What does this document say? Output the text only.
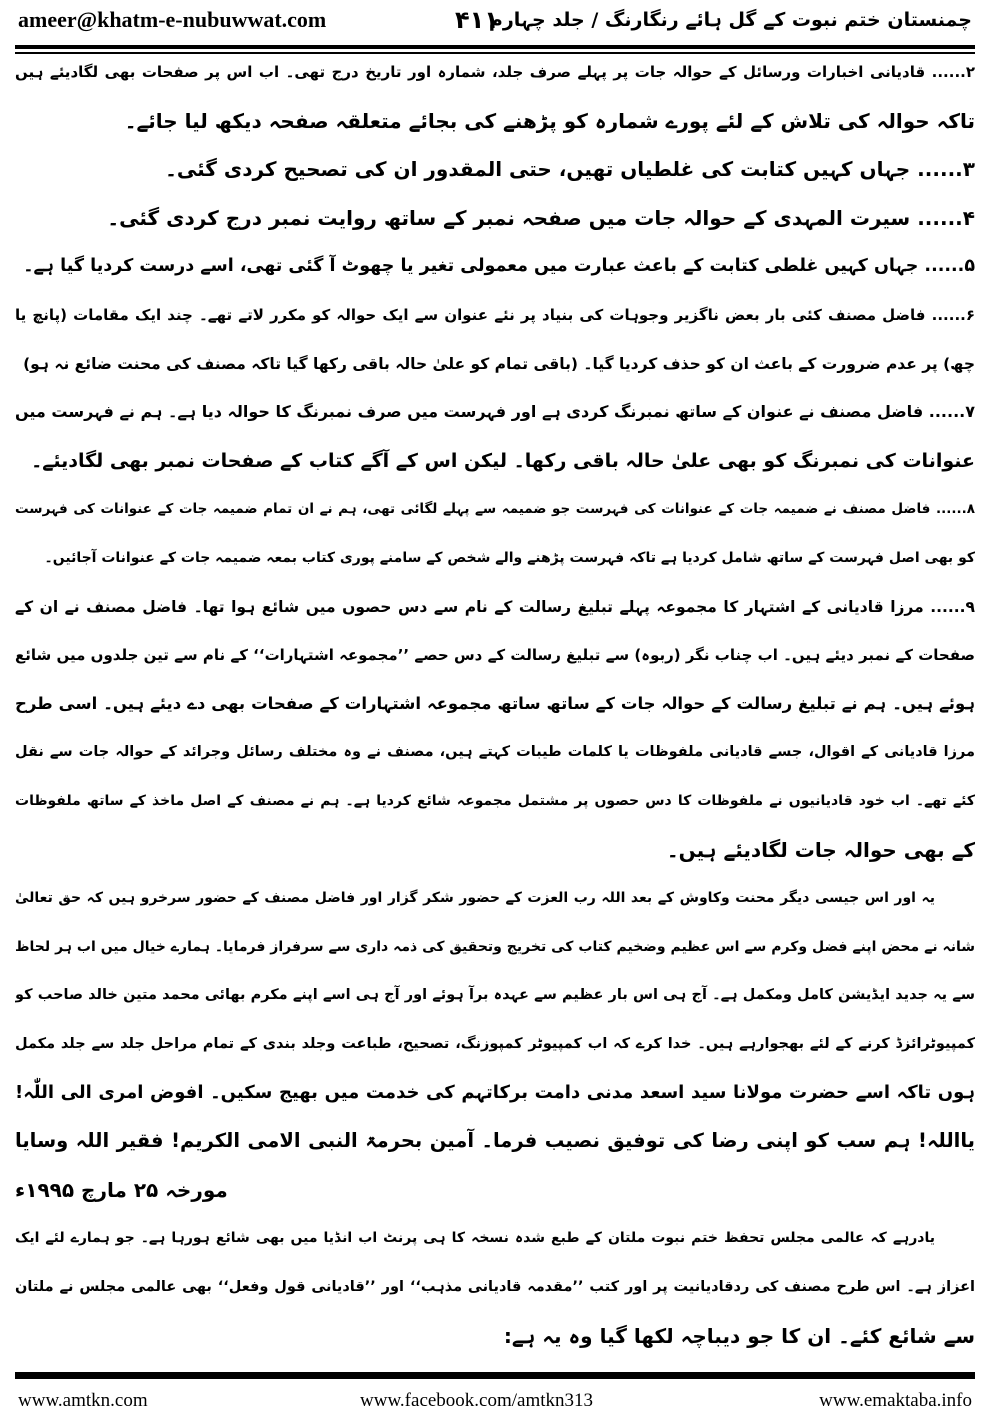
ameer@khatm-e-nubuwwat.com	۴۱۱
چمنستان ختم نبوت کے گل ہائے رنگارنگ / جلد چہارم
۲...... قادیانی اخبارات ورسائل کے حوالہ جات پر پہلے صرف جلد، شمارہ اور تاریخ درج تھی۔ اب اس پر صفحات بھی لگادیئے ہیں
تاکہ حوالہ کی تلاش کے لئے پورے شمارہ کو پڑھنے کی بجائے متعلقہ صفحہ دیکھ لیا جائے۔
۳...... جہاں کہیں کتابت کی غلطیاں تھیں، حتی المقدور ان کی تصحیح کردی گئی۔
۴...... سیرت المہدی کے حوالہ جات میں صفحہ نمبر کے ساتھ روایت نمبر درج کردی گئی۔
۵...... جہاں کہیں غلطی کتابت کے باعث عبارت میں معمولی تغیر یا چھوٹ آ گئی تھی، اسے درست کردیا گیا ہے۔
۶...... فاضل مصنف کئی بار بعض ناگزیر وجوہات کی بنیاد پر نئے عنوان سے ایک حوالہ کو مکرر لاتے تھے۔ چند ایک مقامات (پانچ یا
چھ) پر عدم ضرورت کے باعث ان کو حذف کردیا گیا۔ (باقی تمام کو علیٰ حالہ باقی رکھا گیا تاکہ مصنف کی محنت ضائع نہ ہو)
۷...... فاضل مصنف نے عنوان کے ساتھ نمبرنگ کردی ہے اور فہرست میں صرف نمبرنگ کا حوالہ دیا ہے۔ ہم نے فہرست میں
عنوانات کی نمبرنگ کو بھی علیٰ حالہ باقی رکھا۔ لیکن اس کے آگے کتاب کے صفحات نمبر بھی لگادیئے۔
۸...... فاضل مصنف نے ضمیمہ جات کے عنوانات کی فہرست جو ضمیمہ سے پہلے لگائی تھی، ہم نے ان تمام ضمیمہ جات کے عنوانات کی فہرست
کو بھی اصل فہرست کے ساتھ شامل کردیا ہے تاکہ فہرست پڑھنے والے شخص کے سامنے پوری کتاب بمعہ ضمیمہ جات کے عنوانات آجائیں۔
۹...... مرزا قادیانی کے اشتہار کا مجموعہ پہلے تبلیغ رسالت کے نام سے دس حصوں میں شائع ہوا تھا۔ فاضل مصنف نے ان کے
صفحات کے نمبر دیئے ہیں۔ اب چناب نگر (ربوہ) سے تبلیغ رسالت کے دس حصے ’’مجموعہ اشتہارات‘‘ کے نام سے تین جلدوں میں شائع
ہوئے ہیں۔ ہم نے تبلیغ رسالت کے حوالہ جات کے ساتھ ساتھ مجموعہ اشتہارات کے صفحات بھی دے دیئے ہیں۔ اسی طرح
مرزا قادیانی کے اقوال، جسے قادیانی ملفوظات یا کلمات طیبات کہتے ہیں، مصنف نے وہ مختلف رسائل وجرائد کے حوالہ جات سے نقل
کئے تھے۔ اب خود قادیانیوں نے ملفوظات کا دس حصوں پر مشتمل مجموعہ شائع کردیا ہے۔ ہم نے مصنف کے اصل ماخذ کے ساتھ ملفوظات
کے بھی حوالہ جات لگادیئے ہیں۔
یہ اور اس جیسی دیگر محنت وکاوش کے بعد اللہ رب العزت کے حضور شکر گزار اور فاضل مصنف کے حضور سرخرو ہیں کہ حق تعالیٰ
شانہ نے محض اپنے فضل وکرم سے اس عظیم وضخیم کتاب کی تخریج وتحقیق کی ذمہ داری سے سرفراز فرمایا۔ ہمارے خیال میں اب ہر لحاظ
سے یہ جدید ایڈیشن کامل ومکمل ہے۔ آج ہی اس بار عظیم سے عہدہ برآ ہوئے اور آج ہی اسے اپنے مکرم بھائی محمد متین خالد صاحب کو
کمپیوٹرائزڈ کرنے کے لئے بھجوارہے ہیں۔ خدا کرے کہ اب کمپیوٹر کمپوزنگ، تصحیح، طباعت وجلد بندی کے تمام مراحل جلد سے جلد مکمل
ہوں تاکہ اسے حضرت مولانا سید اسعد مدنی دامت برکاتہم کی خدمت میں بھیج سکیں۔ افوض امری الی اللّٰہ!
یااللہ! ہم سب کو اپنی رضا کی توفیق نصیب فرما۔ آمین بحرمۃ النبی الامی الکریم! فقیر اللہ وسایا
مورخہ ۲۵ مارچ ۱۹۹۵ء
یادرہے کہ عالمی مجلس تحفظ ختم نبوت ملتان کے طبع شدہ نسخہ کا ہی پرنٹ اب انڈیا میں بھی شائع ہورہا ہے۔ جو ہمارے لئے ایک
اعزاز ہے۔ اس طرح مصنف کی ردقادیانیت پر اور کتب ’’مقدمہ قادیانی مذہب‘‘ اور ’’قادیانی قول وفعل‘‘ بھی عالمی مجلس نے ملتان
سے شائع کئے۔ ان کا جو دیباچہ لکھا گیا وہ یہ ہے:
www.amtkn.com	www.facebook.com/amtkn313	www.emaktaba.info
